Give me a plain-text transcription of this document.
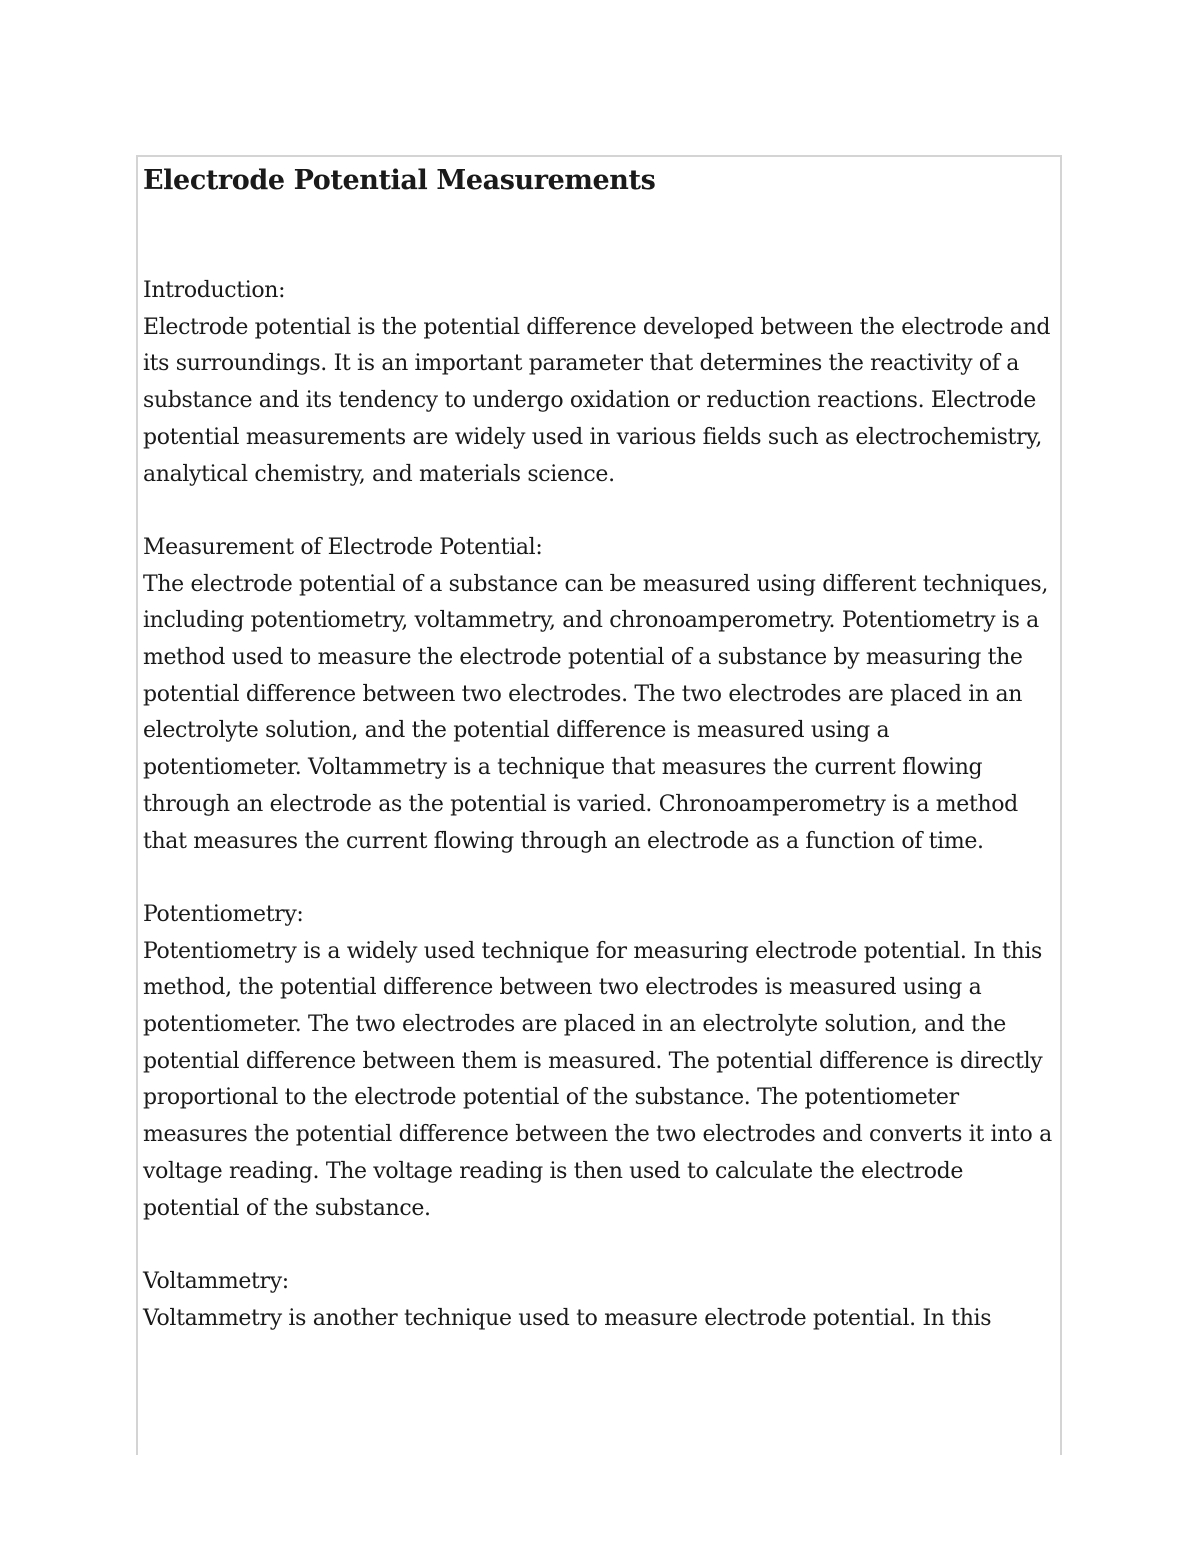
Electrode Potential Measurements

Introduction:

Electrode potential is the potential difference developed between the electrode and its surroundings. It is an important parameter that determines the reactivity of a substance and its tendency to undergo oxidation or reduction reactions. Electrode potential measurements are widely used in various fields such as electrochemistry, analytical chemistry, and materials science.

Measurement of Electrode Potential:

The electrode potential of a substance can be measured using different techniques, including potentiometry, voltammetry, and chronoamperometry. Potentiometry is a method used to measure the electrode potential of a substance by measuring the potential difference between two electrodes. The two electrodes are placed in an electrolyte solution, and the potential difference is measured using a potentiometer. Voltammetry is a technique that measures the current flowing through an electrode as the potential is varied. Chronoamperometry is a method that measures the current flowing through an electrode as a function of time.

Potentiometry:

Potentiometry is a widely used technique for measuring electrode potential. In this method, the potential difference between two electrodes is measured using a potentiometer. The two electrodes are placed in an electrolyte solution, and the potential difference between them is measured. The potential difference is directly proportional to the electrode potential of the substance. The potentiometer measures the potential difference between the two electrodes and converts it into a voltage reading. The voltage reading is then used to calculate the electrode potential of the substance.

Voltammetry:

Voltammetry is another technique used to measure electrode potential. In this
